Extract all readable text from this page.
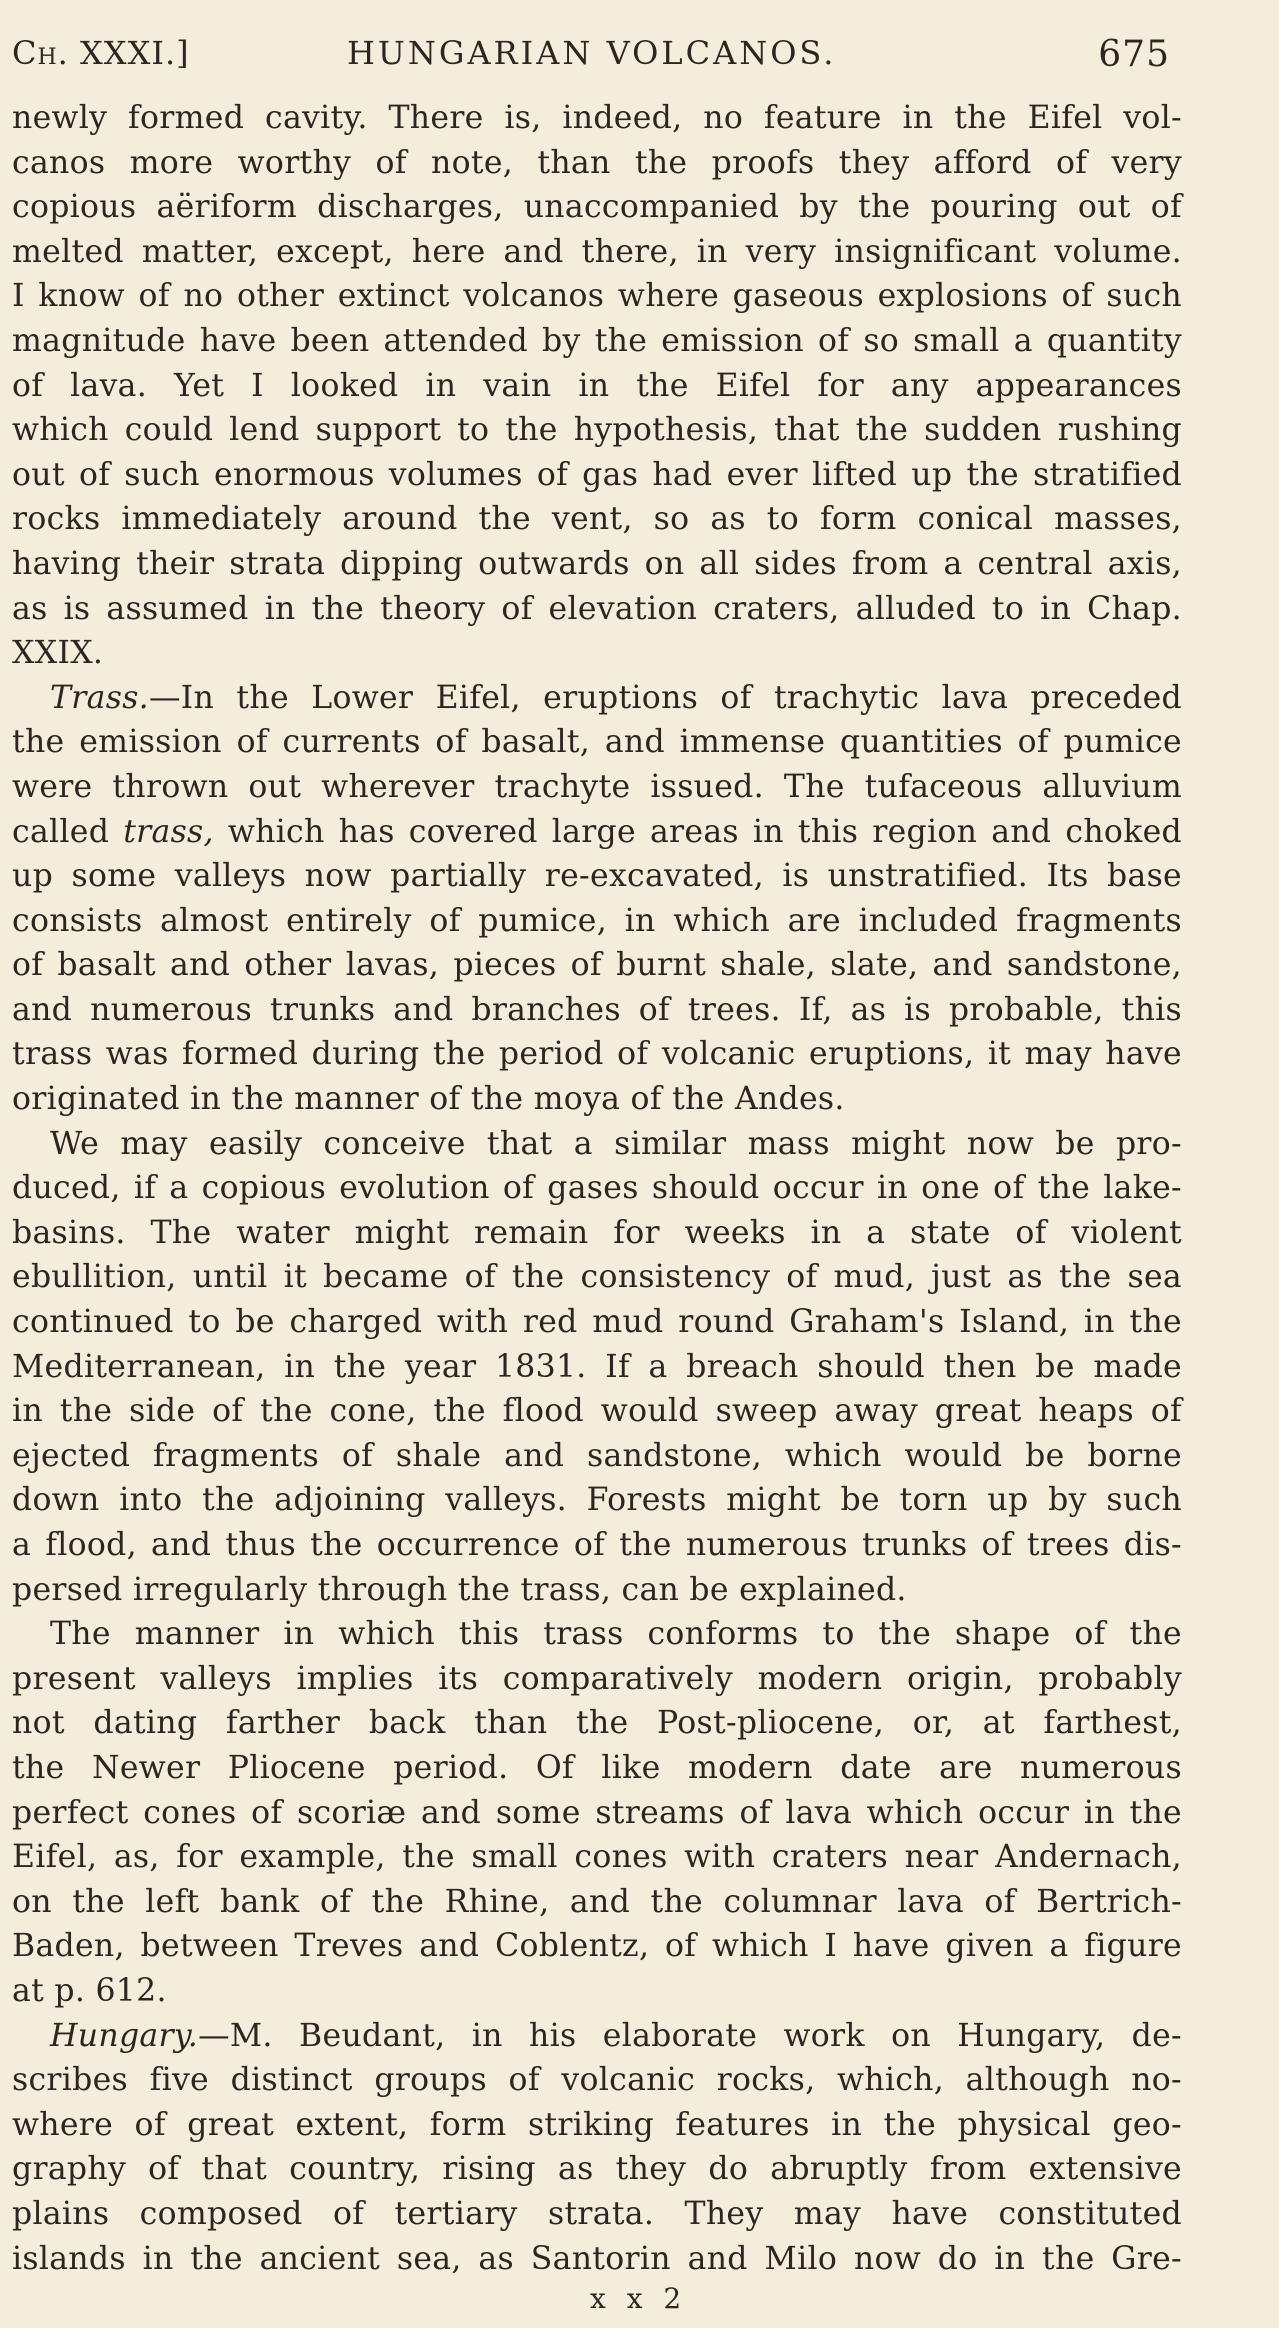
Ch. XXXI.]	HUNGARIAN VOLCANOS.	675
newly formed cavity. There is, indeed, no feature in the Eifel vol-
canos more worthy of note, than the proofs they afford of very
copious aëriform discharges, unaccompanied by the pouring out of
melted matter, except, here and there, in very insignificant volume.
I know of no other extinct volcanos where gaseous explosions of such
magnitude have been attended by the emission of so small a quantity
of lava. Yet I looked in vain in the Eifel for any appearances
which could lend support to the hypothesis, that the sudden rushing
out of such enormous volumes of gas had ever lifted up the stratified
rocks immediately around the vent, so as to form conical masses,
having their strata dipping outwards on all sides from a central axis,
as is assumed in the theory of elevation craters, alluded to in Chap.
XXIX.
Trass.—In the Lower Eifel, eruptions of trachytic lava preceded
the emission of currents of basalt, and immense quantities of pumice
were thrown out wherever trachyte issued. The tufaceous alluvium
called trass, which has covered large areas in this region and choked
up some valleys now partially re-excavated, is unstratified. Its base
consists almost entirely of pumice, in which are included fragments
of basalt and other lavas, pieces of burnt shale, slate, and sandstone,
and numerous trunks and branches of trees. If, as is probable, this
trass was formed during the period of volcanic eruptions, it may have
originated in the manner of the moya of the Andes.
We may easily conceive that a similar mass might now be pro-
duced, if a copious evolution of gases should occur in one of the lake-
basins. The water might remain for weeks in a state of violent
ebullition, until it became of the consistency of mud, just as the sea
continued to be charged with red mud round Graham's Island, in the
Mediterranean, in the year 1831. If a breach should then be made
in the side of the cone, the flood would sweep away great heaps of
ejected fragments of shale and sandstone, which would be borne
down into the adjoining valleys. Forests might be torn up by such
a flood, and thus the occurrence of the numerous trunks of trees dis-
persed irregularly through the trass, can be explained.
The manner in which this trass conforms to the shape of the
present valleys implies its comparatively modern origin, probably
not dating farther back than the Post-pliocene, or, at farthest,
the Newer Pliocene period. Of like modern date are numerous
perfect cones of scoriæ and some streams of lava which occur in the
Eifel, as, for example, the small cones with craters near Andernach,
on the left bank of the Rhine, and the columnar lava of Bertrich-
Baden, between Treves and Coblentz, of which I have given a figure
at p. 612.
Hungary.—M. Beudant, in his elaborate work on Hungary, de-
scribes five distinct groups of volcanic rocks, which, although no-
where of great extent, form striking features in the physical geo-
graphy of that country, rising as they do abruptly from extensive
plains composed of tertiary strata. They may have constituted
islands in the ancient sea, as Santorin and Milo now do in the Gre-
x x 2
